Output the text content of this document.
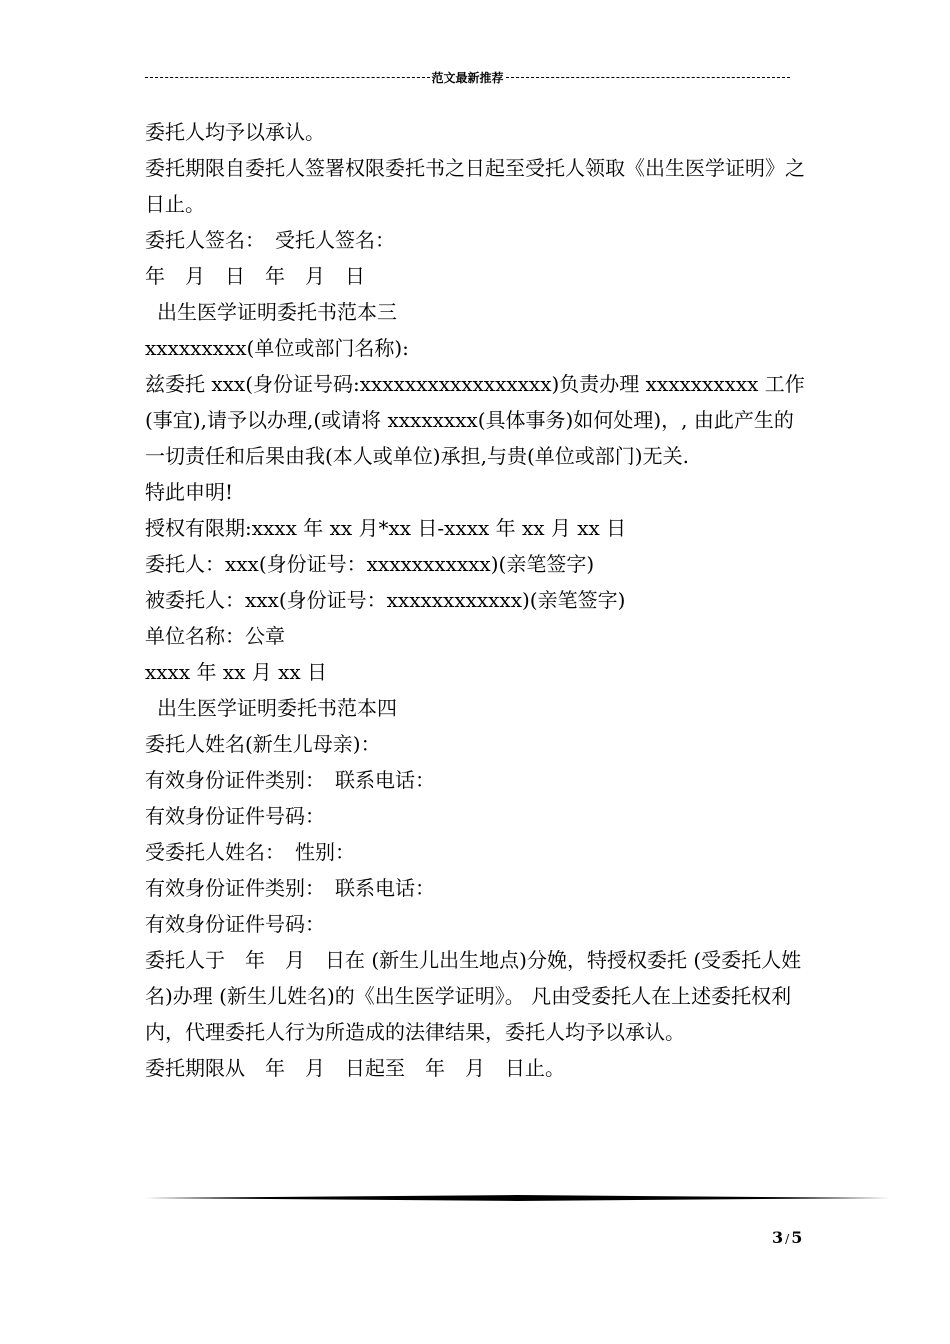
范文最新推荐

委托人均予以承认。

委托期限自委托人签署权限委托书之日起至受托人领取《出生医学证明》之日止。

委托人签名：　受托人签名：

年　月　日　年　月　日

出生医学证明委托书范本三

xxxxxxxxx(单位或部门名称):

兹委托 xxx(身份证号码:xxxxxxxxxxxxxxxxx)负责办理 xxxxxxxxxx 工作(事宜),请予以办理,(或请将 xxxxxxxx(具体事务)如何处理)，, 由此产生的一切责任和后果由我(本人或单位)承担,与贵(单位或部门)无关.

特此申明!

授权有限期:xxxx 年 xx 月*xx 日-xxxx 年 xx 月 xx 日

委托人：xxx(身份证号：xxxxxxxxxxx)(亲笔签字)

被委托人：xxx(身份证号：xxxxxxxxxxxx)(亲笔签字)

单位名称：公章

xxxx 年 xx 月 xx 日

出生医学证明委托书范本四

委托人姓名(新生儿母亲)：

有效身份证件类别：　联系电话：

有效身份证件号码：

受委托人姓名：　性别：

有效身份证件类别：　联系电话：

有效身份证件号码：

委托人于　年　月　日在 (新生儿出生地点)分娩，特授权委托 (受委托人姓名)办理 (新生儿姓名)的《出生医学证明》。 凡由受委托人在上述委托权利内，代理委托人行为所造成的法律结果，委托人均予以承认。

委托期限从　年　月　日起至　年　月　日止。

3 / 5
